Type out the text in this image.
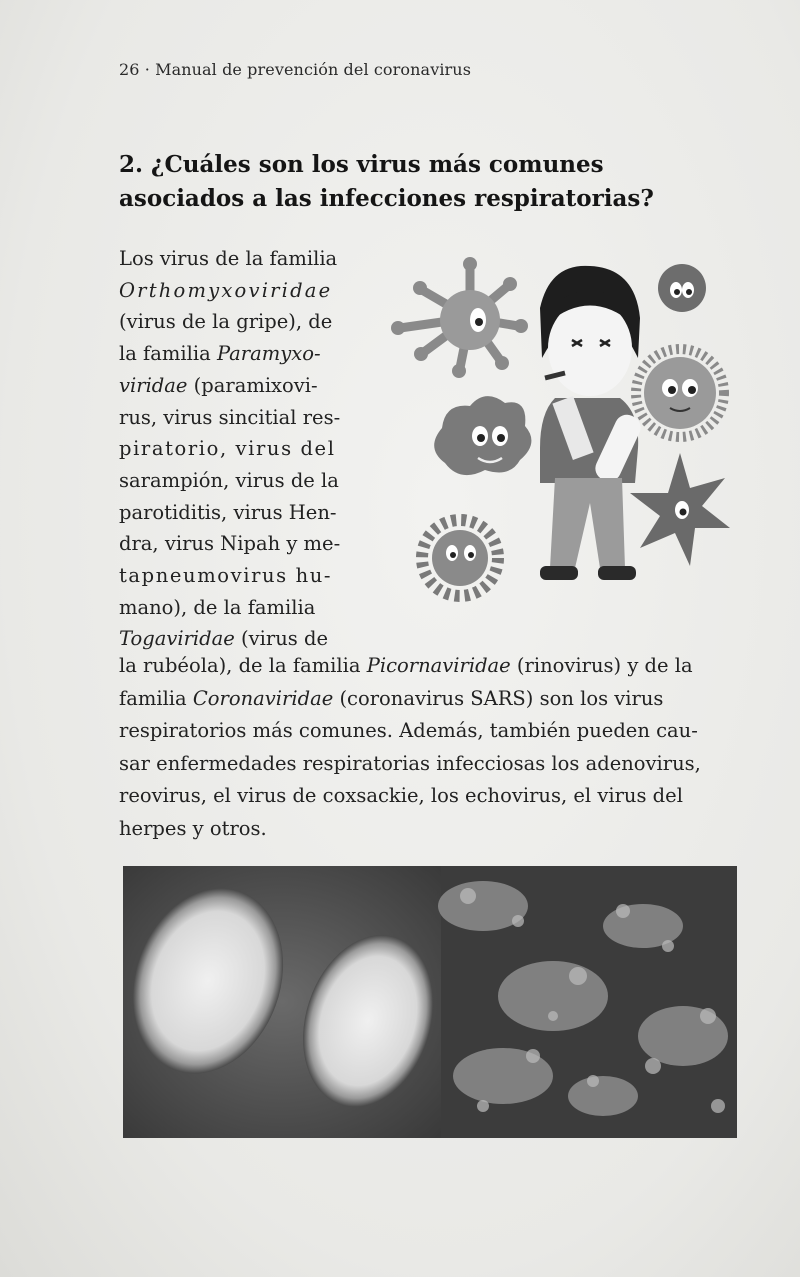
26 · Manual de prevención del coronavirus
2. ¿Cuáles son los virus más comunes
asociados a las infecciones respiratorias?
Los virus de la familia
Orthomyxoviridae
(virus de la gripe), de
la familia Paramyxo-
viridae (paramixovi-
rus, virus sincitial res-
piratorio, virus del
sarampión, virus de la
parotiditis, virus Hen-
dra, virus Nipah y me-
tapneumovirus hu-
mano), de la familia
Togaviridae (virus de
la rubéola), de la familia Picornaviridae (rinovirus) y de la
familia Coronaviridae (coronavirus SARS) son los virus
respiratorios más comunes. Además, también pueden cau-
sar enfermedades respiratorias infecciosas los adenovirus,
reovirus, el virus de coxsackie, los echovirus, el virus del
herpes y otros.
